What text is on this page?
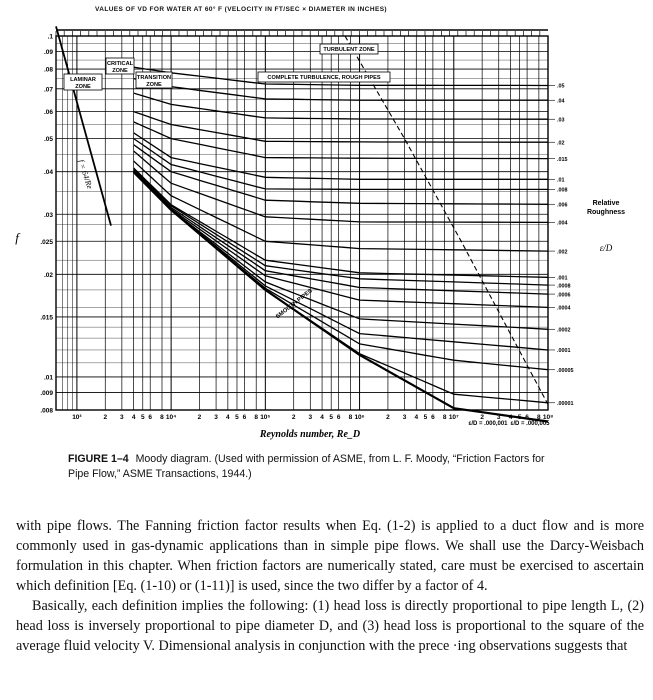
VALUES OF VD FOR WATER AT 60° F (VELOCITY IN FT/SEC × DIAMETER IN INCHES)
10³	2 3 4 5 6 8 10⁴	2 3 4 5 6 8 10⁵	2 3 4 5 6 8 10⁶	2 3 4 5 6 8 10⁷	2 3 4 5 6 8 10⁸
.1
.09
.08
.07
.06
.05
.04
.03
.025
.02
.015
.01
.009
.008
LAMINAR
ZONE
CRITICAL
ZONE
TRANSITION
ZONE
TURBULENT ZONE
COMPLETE TURBULENCE, ROUGH PIPES
f = 64/Re
SMOOTH PIPES
.05
.04
.03
.02
.015
.01
.008
.006
.004
.002
.001
.0008
.0006
.0004
.0002
.0001
.00005
.00001
Relative
Roughness
ε/D
f
Reynolds number, Re_D
ε/D = .000,001 ε/D = .000,005
FIGURE 1–4 Moody diagram. (Used with permission of ASME, from L. F. Moody, “Friction Factors for Pipe Flow,” ASME Transactions, 1944.)

with pipe flows. The Fanning friction factor results when Eq. (1-2) is applied to a duct flow and is more commonly used in gas-dynamic applications than in simple pipe flows. We shall use the Darcy-Weisbach formulation in this chapter. When friction factors are numerically stated, care must be exercised to ascertain which definition [Eq. (1-10) or (1-11)] is used, since the two differ by a factor of 4.

Basically, each definition implies the following: (1) head loss is directly proportional to pipe length L, (2) head loss is inversely proportional to pipe diameter D, and (3) head loss is proportional to the square of the average fluid velocity V. Dimensional analysis in conjunction with the prece ·ing observations suggests that
